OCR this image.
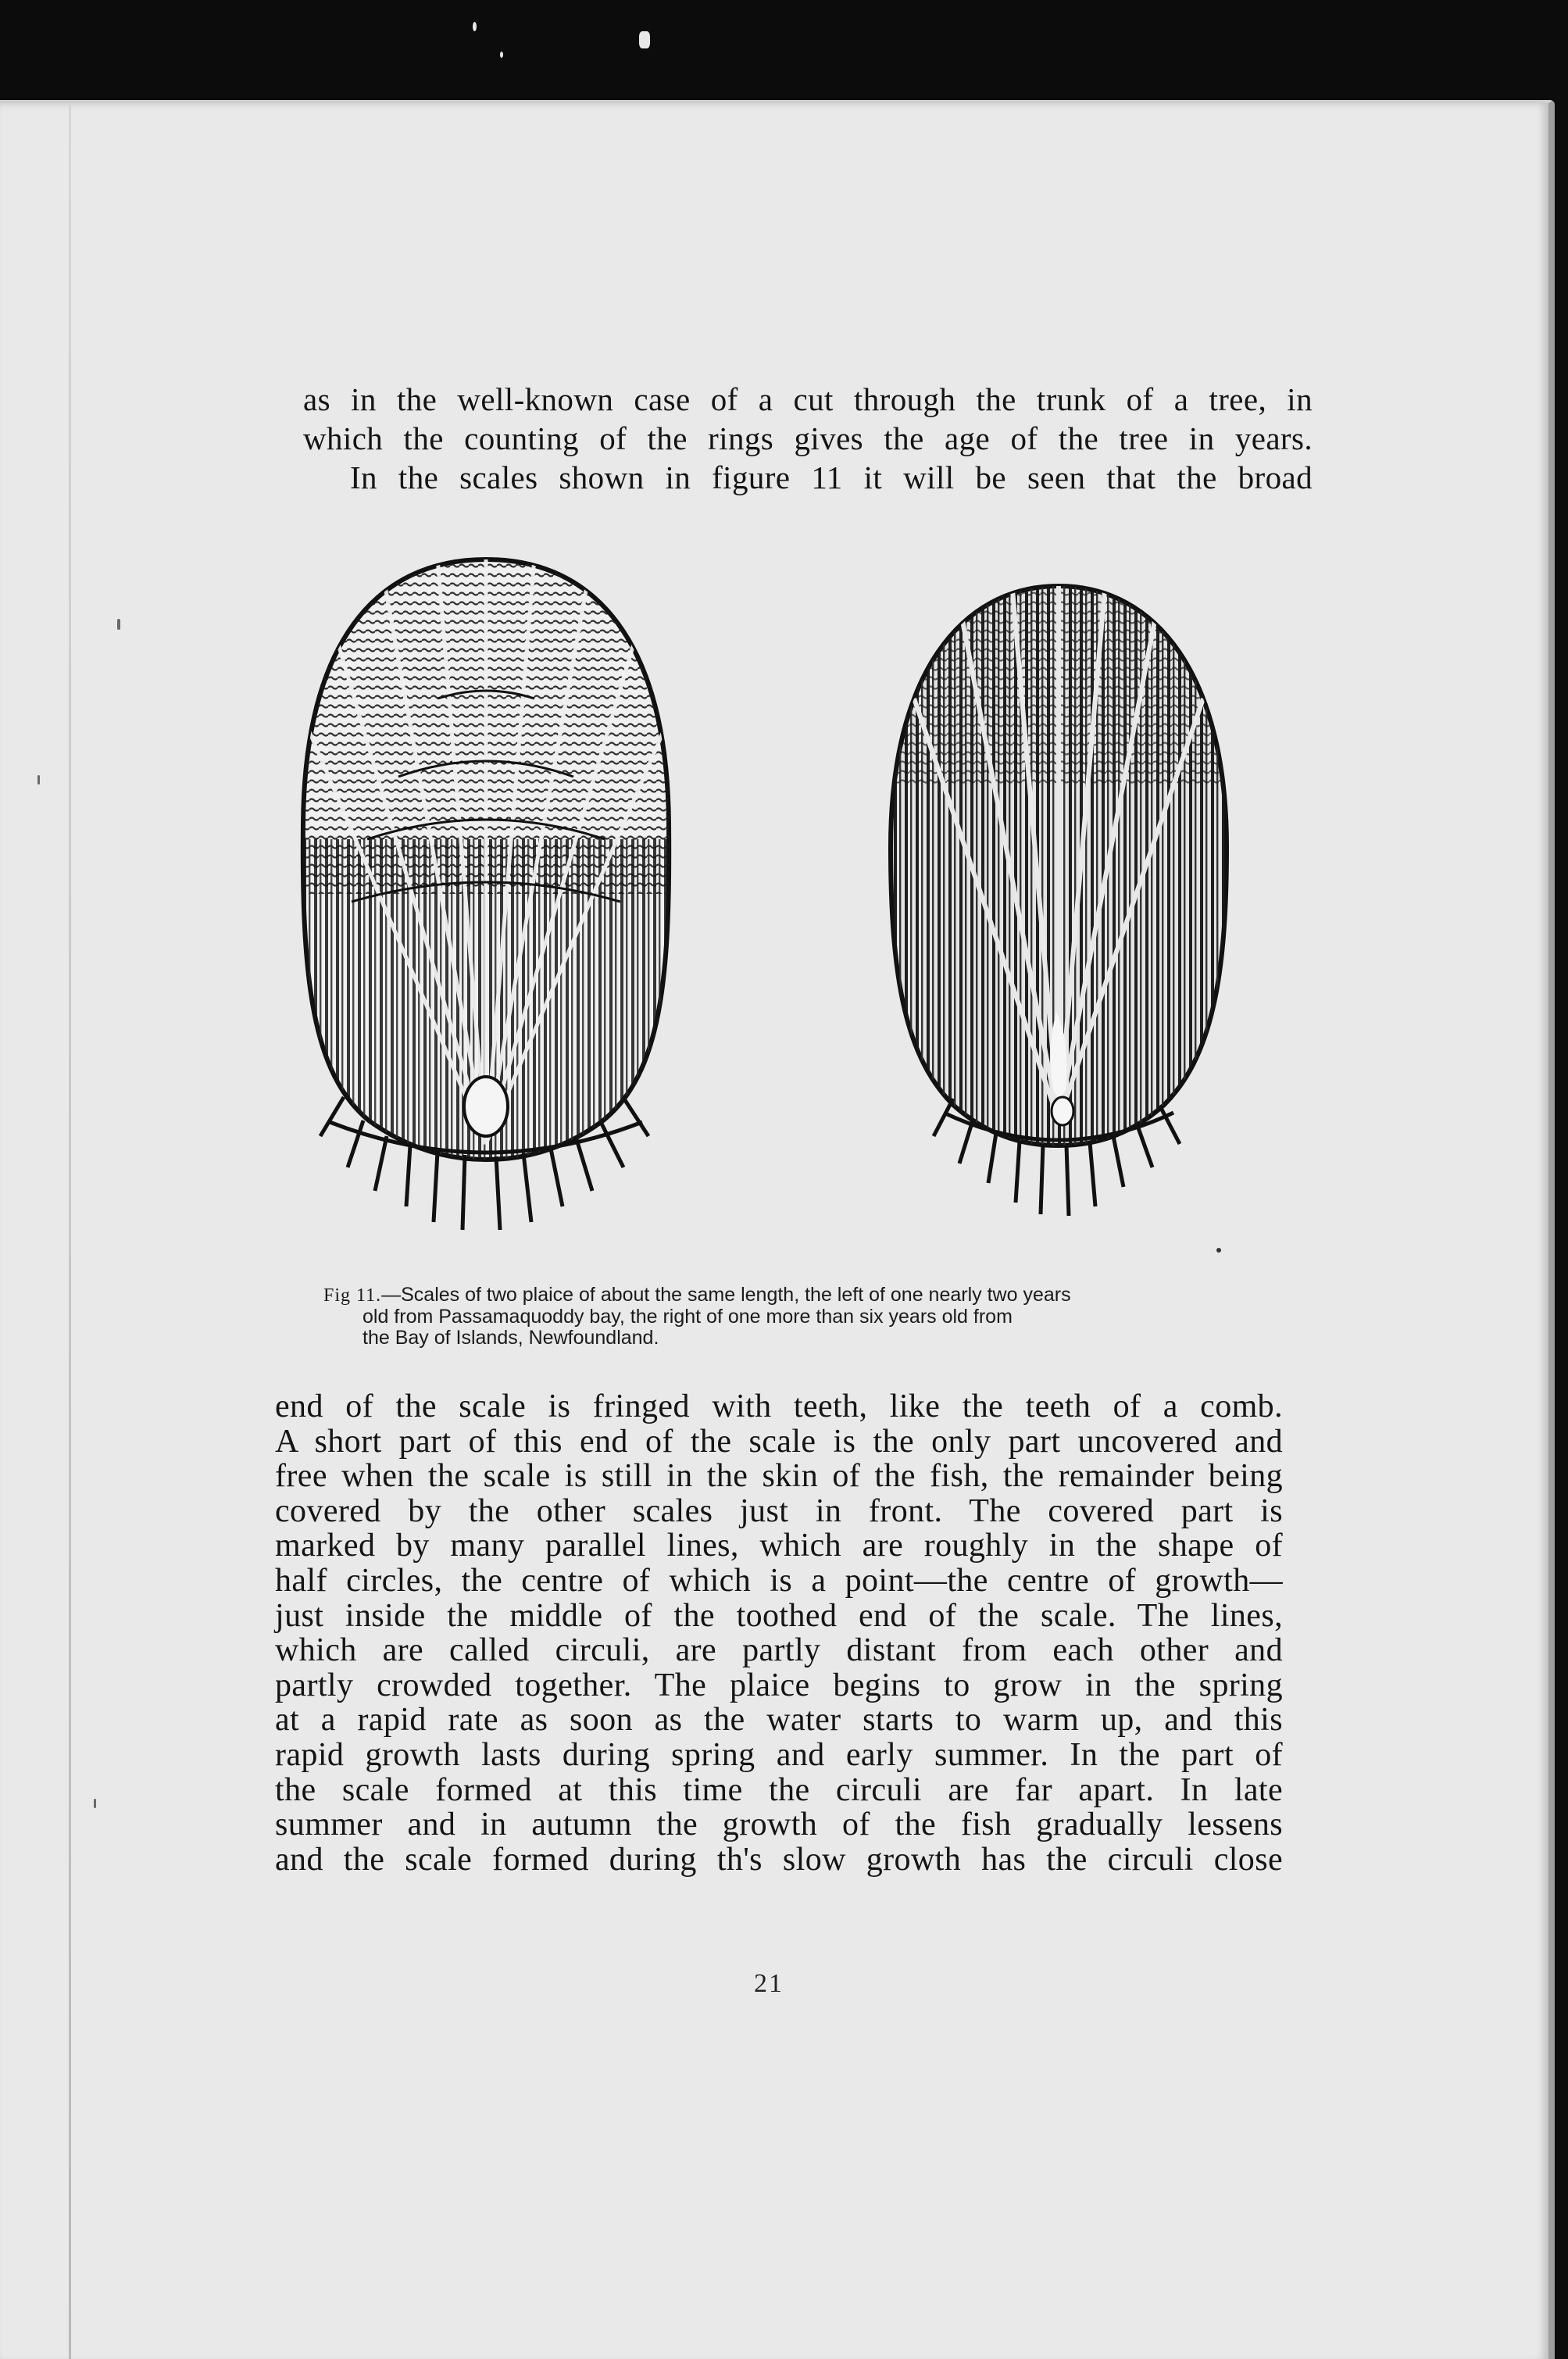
as in the well-known case of a cut through the trunk of a tree, in
which the counting of the rings gives the age of the tree in years.
In the scales shown in figure 11 it will be seen that the broad
Fig 11.—Scales of two plaice of about the same length, the left of one nearly two years
old from Passamaquoddy bay, the right of one more than six years old from
the Bay of Islands, Newfoundland.
end of the scale is fringed with teeth, like the teeth of a comb.
A short part of this end of the scale is the only part uncovered and
free when the scale is still in the skin of the fish, the remainder being
covered by the other scales just in front. The covered part is
marked by many parallel lines, which are roughly in the shape of
half circles, the centre of which is a point—the centre of growth—
just inside the middle of the toothed end of the scale. The lines,
which are called circuli, are partly distant from each other and
partly crowded together. The plaice begins to grow in the spring
at a rapid rate as soon as the water starts to warm up, and this
rapid growth lasts during spring and early summer. In the part of
the scale formed at this time the circuli are far apart. In late
summer and in autumn the growth of the fish gradually lessens
and the scale formed during th's slow growth has the circuli close
21
